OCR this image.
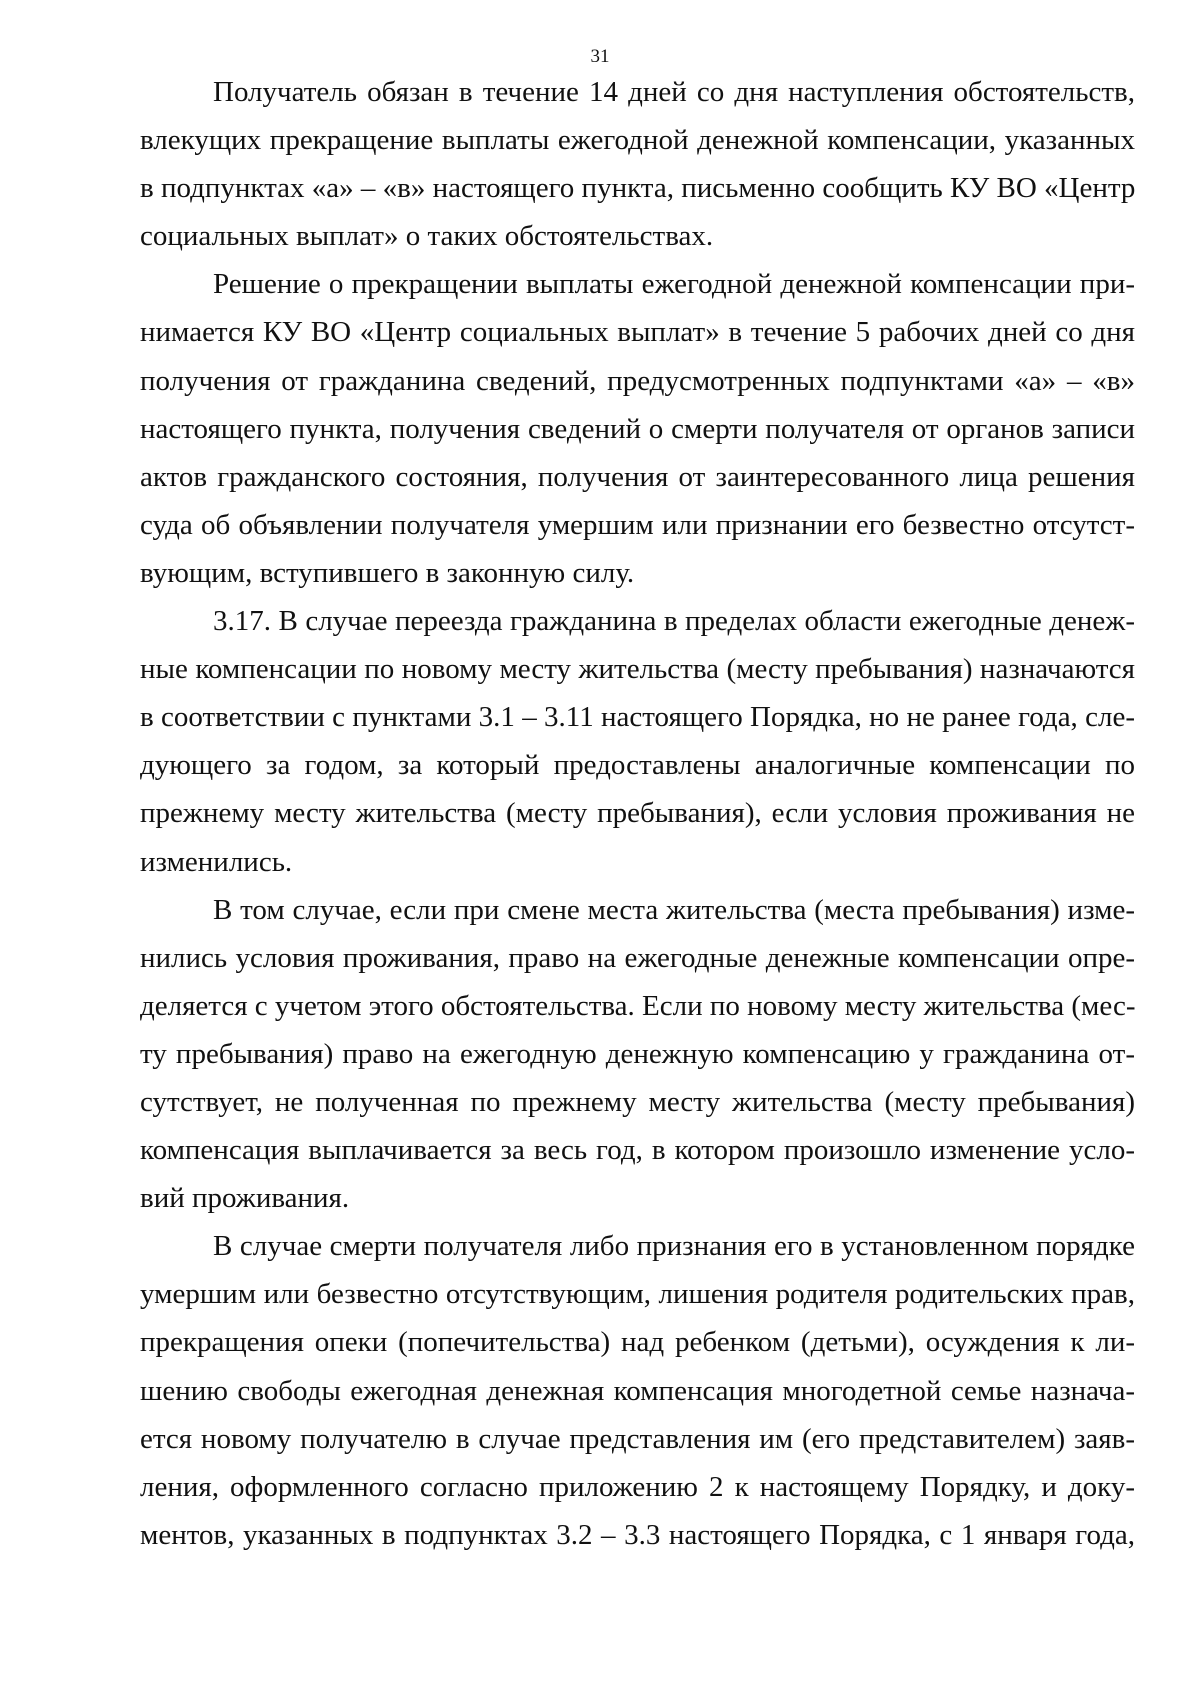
31
Получатель обязан в течение 14 дней со дня наступления обстоятельств,
влекущих прекращение выплаты ежегодной денежной компенсации, указанных
в подпунктах «а» – «в» настоящего пункта, письменно сообщить КУ ВО «Центр
социальных выплат» о таких обстоятельствах.
Решение о прекращении выплаты ежегодной денежной компенсации при-
нимается КУ ВО «Центр социальных выплат» в течение 5 рабочих дней со дня
получения от гражданина сведений, предусмотренных подпунктами «а» – «в»
настоящего пункта, получения сведений о смерти получателя от органов записи
актов гражданского состояния, получения от заинтересованного лица решения
суда об объявлении получателя умершим или признании его безвестно отсутст-
вующим, вступившего в законную силу.
3.17. В случае переезда гражданина в пределах области ежегодные денеж-
ные компенсации по новому месту жительства (месту пребывания) назначаются
в соответствии с пунктами 3.1 – 3.11 настоящего Порядка, но не ранее года, сле-
дующего за годом, за который предоставлены аналогичные компенсации по
прежнему месту жительства (месту пребывания), если условия проживания не
изменились.
В том случае, если при смене места жительства (места пребывания) изме-
нились условия проживания, право на ежегодные денежные компенсации опре-
деляется с учетом этого обстоятельства. Если по новому месту жительства (мес-
ту пребывания) право на ежегодную денежную компенсацию у гражданина от-
сутствует, не полученная по прежнему месту жительства (месту пребывания)
компенсация выплачивается за весь год, в котором произошло изменение усло-
вий проживания.
В случае смерти получателя либо признания его в установленном порядке
умершим или безвестно отсутствующим, лишения родителя родительских прав,
прекращения опеки (попечительства) над ребенком (детьми), осуждения к ли-
шению свободы ежегодная денежная компенсация многодетной семье назнача-
ется новому получателю в случае представления им (его представителем) заяв-
ления, оформленного согласно приложению 2 к настоящему Порядку, и доку-
ментов, указанных в подпунктах 3.2 – 3.3 настоящего Порядка, с 1 января года,
